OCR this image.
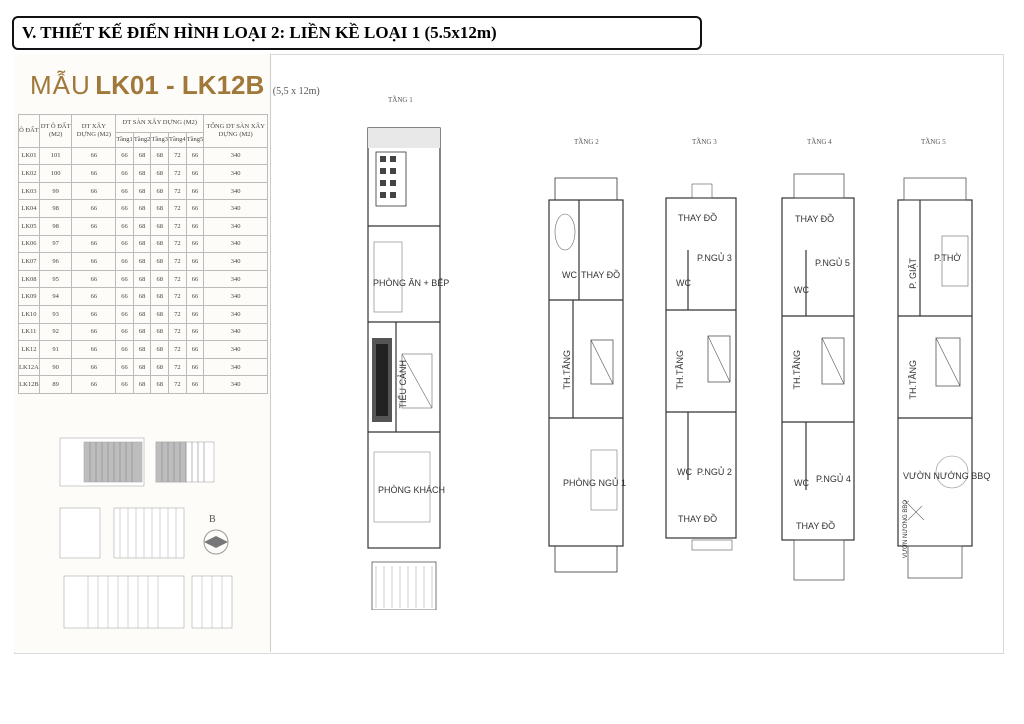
V. THIẾT KẾ ĐIỂN HÌNH LOẠI 2: LIỀN KỀ LOẠI 1 (5.5x12m)
MẪU LK01 - LK12B (5,5 x 12m)
Ô ĐẤT	DT Ô ĐẤT (M2)	DT XÂY DỰNG (M2)	DT SÀN XÂY DỰNG (M2)					TỔNG DT SÀN XÂY DỰNG (M2)
			Tầng1	Tầng2	Tầng3	Tầng4	Tầng5	
LK01	101	66	66	68	68	72	66	340
LK02	100	66	66	68	68	72	66	340
LK03	99	66	66	68	68	72	66	340
LK04	98	66	66	68	68	72	66	340
LK05	98	66	66	68	68	72	66	340
LK06	97	66	66	68	68	72	66	340
LK07	96	66	66	68	68	72	66	340
LK08	95	66	66	68	68	72	66	340
LK09	94	66	66	68	68	72	66	340
LK10	93	66	66	68	68	72	66	340
LK11	92	66	66	68	68	72	66	340
LK12	91	66	66	68	68	72	66	340
LK12A	90	66	66	68	68	72	66	340
LK12B	89	66	66	68	68	72	66	340
B
TẦNG 1
PHÒNG ĂN + BẾP
TIỂU CẢNH
PHÒNG KHÁCH
TẦNG 2
WC THAY ĐỒ
TH.TẦNG
PHÒNG NGỦ 1
TẦNG 3
THAY ĐỒ
P.NGỦ 3
WC
TH.TẦNG
WC P.NGỦ 2
THAY ĐỒ
TẦNG 4
THAY ĐỒ
P.NGỦ 5
WC
TH.TẦNG
WC P.NGỦ 4
THAY ĐỒ
TẦNG 5
P. GIẶT P.THỜ
TH.TẦNG
VƯỜN NƯỚNG BBQ
VƯỜN NƯỚNG BBQ
